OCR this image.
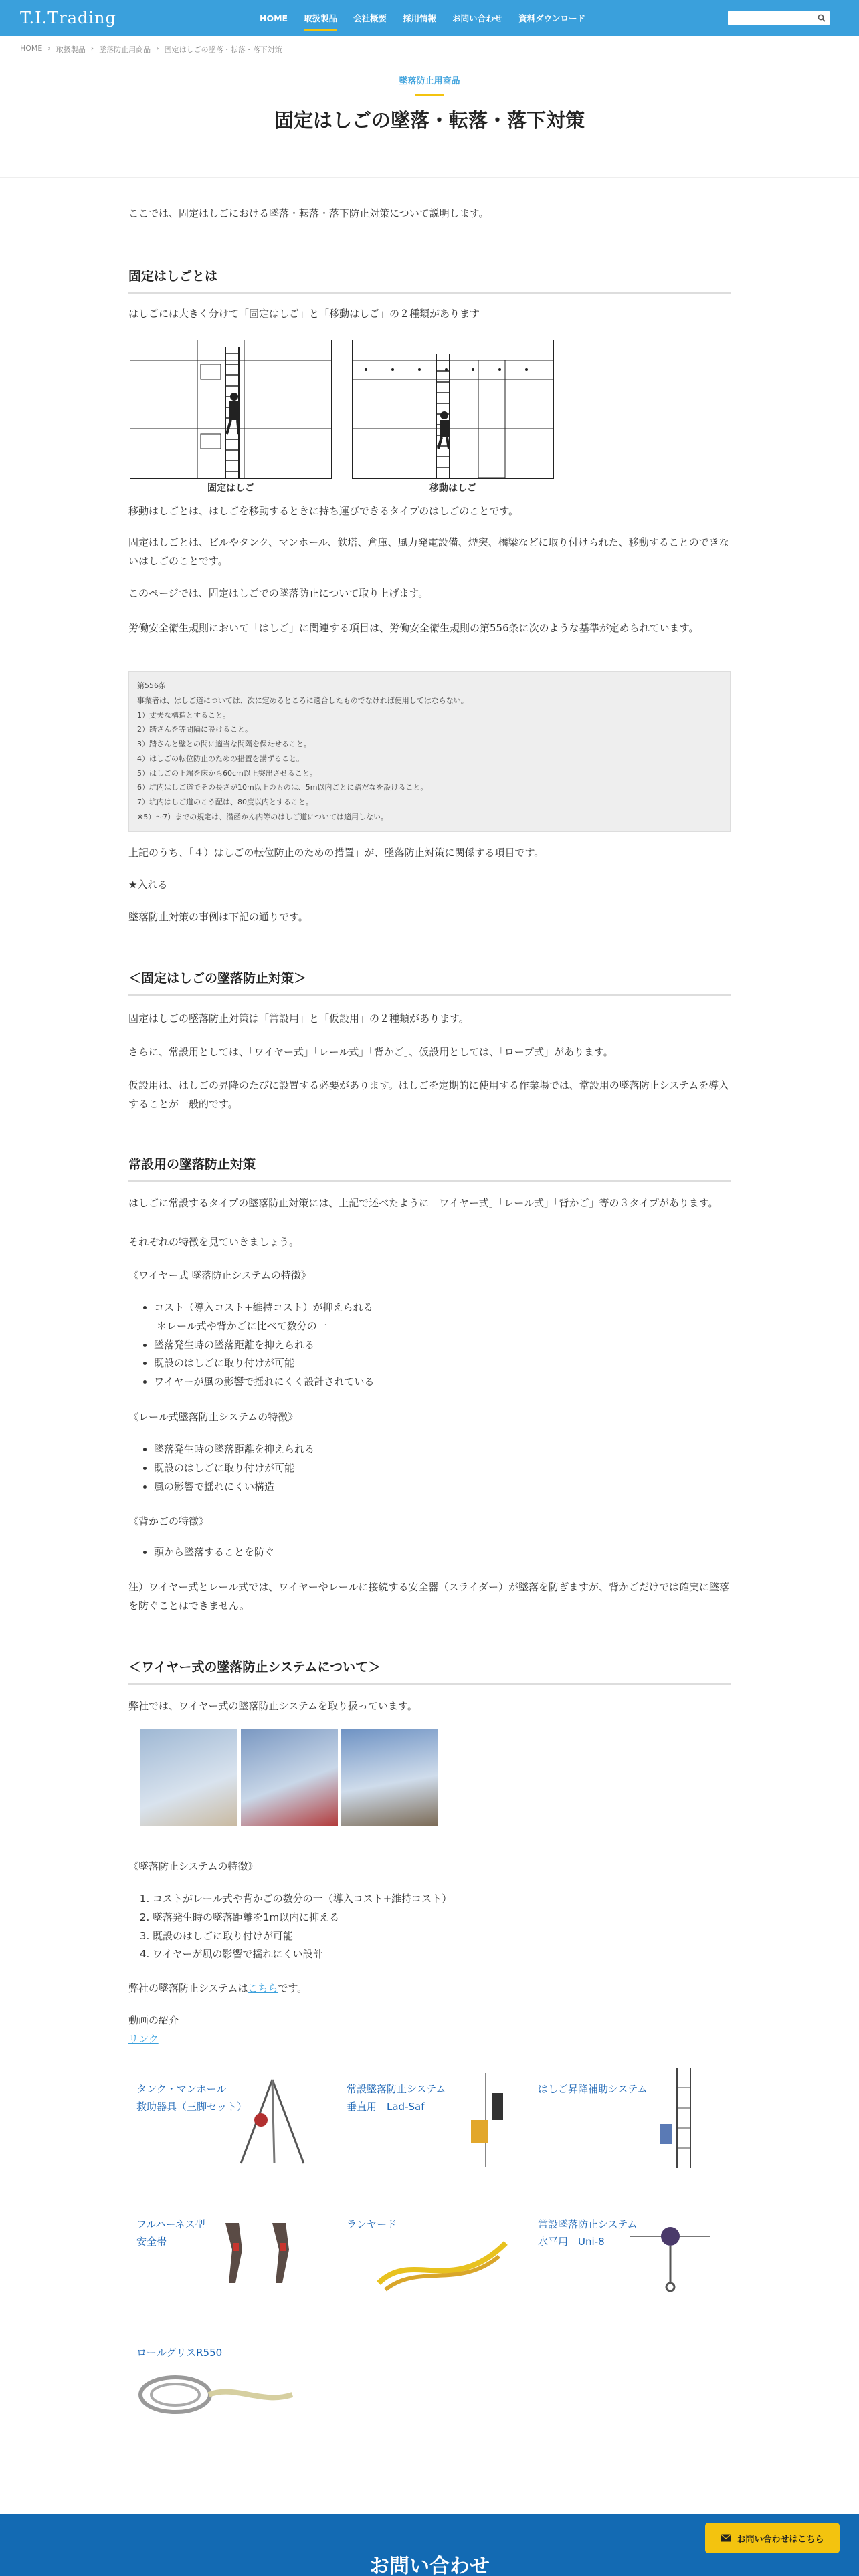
T.I.Trading	HOME 取扱製品 会社概要 採用情報 お問い合わせ 資料ダウンロード
HOME › 取扱製品 › 墜落防止用商品 › 固定はしごの墜落・転落・落下対策
墜落防止用商品
固定はしごの墜落・転落・落下対策

ここでは、固定はしごにおける墜落・転落・落下防止対策について説明します。

固定はしごとは

はしごには大きく分けて「固定はしご」と「移動はしご」の２種類があります

固定はしご	移動はしご

移動はしごとは、はしごを移動するときに持ち運びできるタイプのはしごのことです。

固定はしごとは、ビルやタンク、マンホール、鉄塔、倉庫、風力発電設備、煙突、橋梁などに取り付けられた、移動することのできないはしごのことです。

このページでは、固定はしごでの墜落防止について取り上げます。

労働安全衛生規則において「はしご」に関連する項目は、労働安全衛生規則の第556条に次のような基準が定められています。

第556条
事業者は、はしご道については、次に定めるところに適合したものでなければ使用してはならない。
1）丈夫な構造とすること。
2）踏さんを等間隔に設けること。
3）踏さんと壁との間に適当な間隔を保たせること。
4）はしごの転位防止のための措置を講ずること。
5）はしごの上端を床から60cm以上突出させること。
6）坑内はしご道でその長さが10m以上のものは、5m以内ごとに踏だなを設けること。
7）坑内はしご道のこう配は、80度以内とすること。
※5）～7）までの規定は、潜函かん内等のはしご道については適用しない。

上記のうち、「４）はしごの転位防止のための措置」が、墜落防止対策に関係する項目です。

★入れる

墜落防止対策の事例は下記の通りです。

＜固定はしごの墜落防止対策＞

固定はしごの墜落防止対策は「常設用」と「仮設用」の２種類があります。

さらに、常設用としては、「ワイヤー式」「レール式」「背かご」、仮設用としては、「ロープ式」があります。

仮設用は、はしごの昇降のたびに設置する必要があります。はしごを定期的に使用する作業場では、常設用の墜落防止システムを導入することが一般的です。

常設用の墜落防止対策

はしごに常設するタイプの墜落防止対策には、上記で述べたように「ワイヤー式」「レール式」「背かご」等の３タイプがあります。

それぞれの特徴を見ていきましょう。

《ワイヤー式 墜落防止システムの特徴》

• コスト（導入コスト+維持コスト）が抑えられる
＊レール式や背かごに比べて数分の一
• 墜落発生時の墜落距離を抑えられる
• 既設のはしごに取り付けが可能
• ワイヤーが風の影響で揺れにくく設計されている

《レール式墜落防止システムの特徴》

• 墜落発生時の墜落距離を抑えられる
• 既設のはしごに取り付けが可能
• 風の影響で揺れにくい構造

《背かごの特徴》

• 頭から墜落することを防ぐ

注）ワイヤー式とレール式では、ワイヤーやレールに接続する安全器（スライダー）が墜落を防ぎますが、背かごだけでは確実に墜落を防ぐことはできません。

＜ワイヤー式の墜落防止システムについて＞

弊社では、ワイヤー式の墜落防止システムを取り扱っています。

《墜落防止システムの特徴》

1. コストがレール式や背かごの数分の一（導入コスト+維持コスト）
2. 墜落発生時の墜落距離を1m以内に抑える
3. 既設のはしごに取り付けが可能
4. ワイヤーが風の影響で揺れにくい設計

弊社の墜落防止システムはこちらです。

動画の紹介

リンク

タンク・マンホール
救助器具（三脚セット）
常設墜落防止システム
垂直用　Lad-Saf
はしご昇降補助システム
フルハーネス型
安全帯
ランヤード	常設墜落防止システム
水平用　Uni-8
ロールグリスR550
お問い合わせ
お問い合わせはこちら
